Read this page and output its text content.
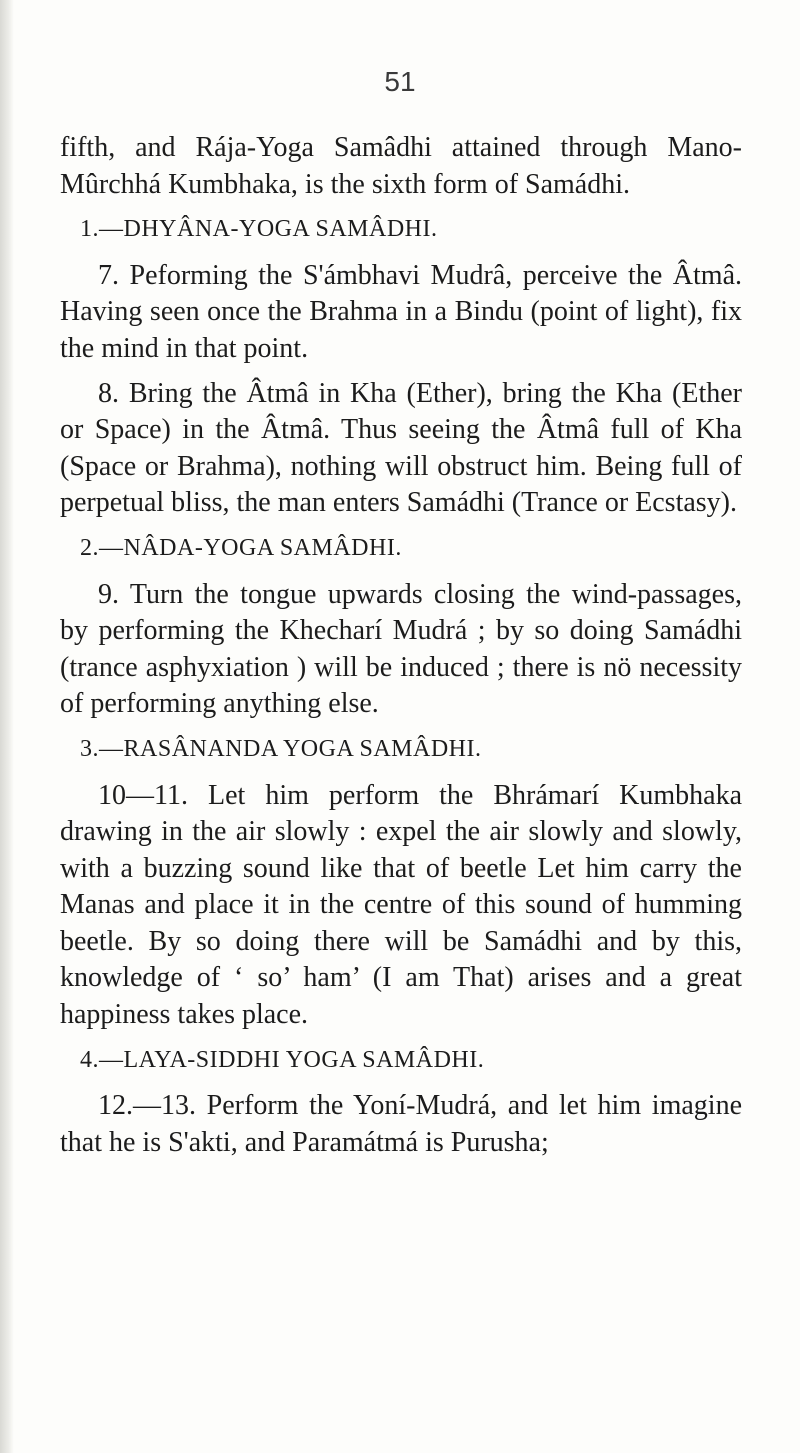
51

fifth, and Rája-Yoga Samâdhi attained through Mano-Mûrchhá Kumbhaka, is the sixth form of Samádhi.

1.—DHYÂNA-YOGA SAMÂDHI.

7. Peforming the S'ámbhavi Mudrâ, perceive the Âtmâ. Having seen once the Brahma in a Bindu (point of light), fix the mind in that point.

8. Bring the Âtmâ in Kha (Ether), bring the Kha (Ether or Space) in the Âtmâ. Thus seeing the Âtmâ full of Kha (Space or Brahma), nothing will obstruct him. Being full of perpetual bliss, the man enters Samádhi (Trance or Ecstasy).

2.—NÂDA-YOGA SAMÂDHI.

9. Turn the tongue upwards closing the wind-passages, by performing the Khecharí Mudrá ; by so doing Samádhi (trance asphyxiation ) will be induced ; there is nö necessity of performing anything else.

3.—RASÂNANDA YOGA SAMÂDHI.

10—11. Let him perform the Bhrámarí Kumbhaka drawing in the air slowly : expel the air slowly and slowly, with a buzzing sound like that of beetle Let him carry the Manas and place it in the centre of this sound of humming beetle. By so doing there will be Samádhi and by this, knowledge of ‘ so’ ham’ (I am That) arises and a great happiness takes place.

4.—LAYA-SIDDHI YOGA SAMÂDHI.

12.—13. Perform the Yoní-Mudrá, and let him imagine that he is S'akti, and Paramátmá is Purusha;
